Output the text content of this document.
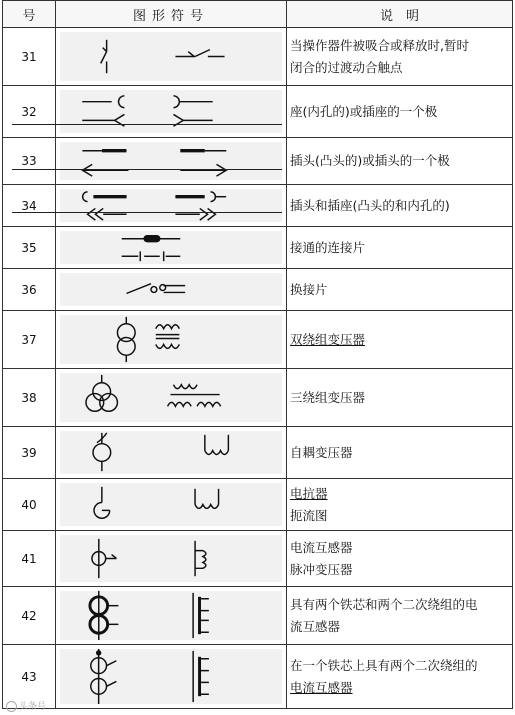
号	图形符号	说　明
31		当操作器件被吸合或释放时,暂时
闭合的过渡动合触点

32		座(内孔的)或插座的一个极
33		插头(凸头的)或插头的一个极
34		插头和插座(凸头的和内孔的)
35		接通的连接片
36		换接片
37		双绕组变压器
38		三绕组变压器
39		自耦变压器
40		电抗器
扼流图

41		电流互感器
脉冲变压器

42		具有两个铁芯和两个二次绕组的电
流互感器

43		在一个铁芯上具有两个二次绕组的
电流互感器
头条号
